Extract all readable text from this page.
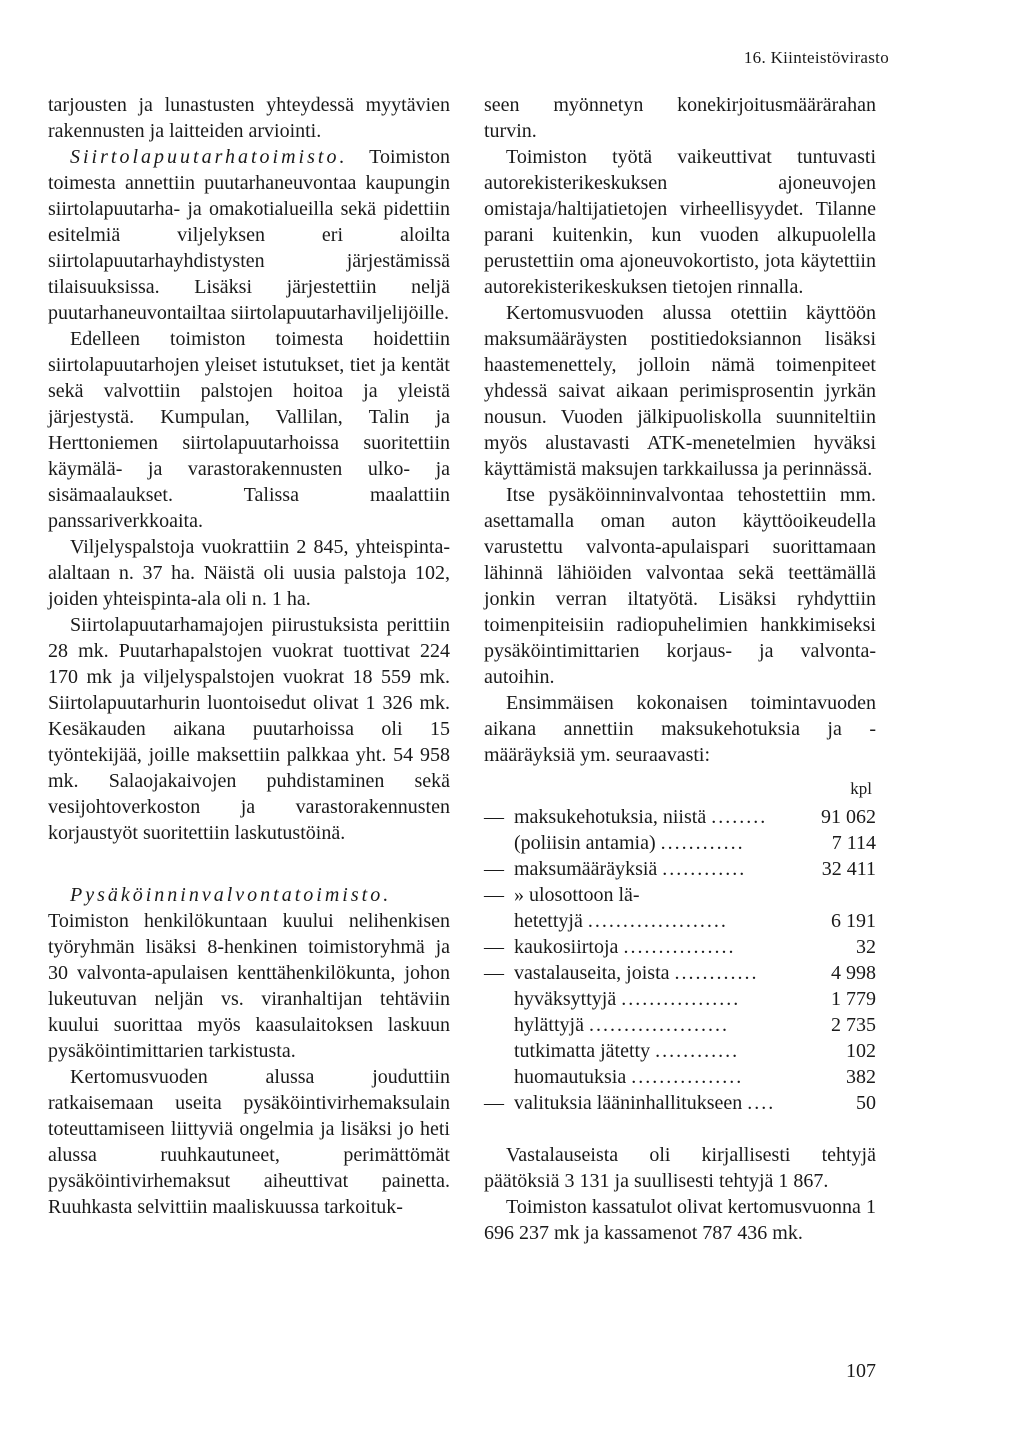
16. Kiinteistövirasto

tarjousten ja lunastusten yhteydessä myytävien rakennusten ja laitteiden arviointi.

Siirtolapuutarhatoimisto. Toimiston toimesta annettiin puutarhaneuvontaa kaupungin siirtolapuutarha- ja omakotialueilla sekä pidettiin esitelmiä viljelyksen eri aloilta siirtolapuutarhayhdistysten järjestämissä tilaisuuksissa. Lisäksi järjestettiin neljä puutarhaneuvontailtaa siirtolapuutarhaviljelijöille.

Edelleen toimiston toimesta hoidettiin siirtolapuutarhojen yleiset istutukset, tiet ja kentät sekä valvottiin palstojen hoitoa ja yleistä järjestystä. Kumpulan, Vallilan, Talin ja Herttoniemen siirtolapuutarhoissa suoritettiin käymälä- ja varastorakennusten ulko- ja sisämaalaukset. Talissa maalattiin panssariverkkoaita.

Viljelyspalstoja vuokrattiin 2 845, yhteispinta-alaltaan n. 37 ha. Näistä oli uusia palstoja 102, joiden yhteispinta-ala oli n. 1 ha.

Siirtolapuutarhamajojen piirustuksista perittiin 28 mk. Puutarhapalstojen vuokrat tuottivat 224 170 mk ja viljelyspalstojen vuokrat 18 559 mk. Siirtolapuutarhurin luontoisedut olivat 1 326 mk. Kesäkauden aikana puutarhoissa oli 15 työntekijää, joille maksettiin palkkaa yht. 54 958 mk. Salaojakaivojen puhdistaminen sekä vesijohtoverkoston ja varastorakennusten korjaustyöt suoritettiin laskutustöinä.

Pysäköinninvalvontatoimisto. Toimiston henkilökuntaan kuului nelihenkisen työryhmän lisäksi 8-henkinen toimistoryhmä ja 30 valvonta-apulaisen kenttähenkilökunta, johon lukeutuvan neljän vs. viranhaltijan tehtäviin kuului suorittaa myös kaasulaitoksen laskuun pysäköintimittarien tarkistusta.

Kertomusvuoden alussa jouduttiin ratkaisemaan useita pysäköintivirhemaksulain toteuttamiseen liittyviä ongelmia ja lisäksi jo heti alussa ruuhkautuneet, perimättömät pysäköintivirhemaksut aiheuttivat painetta. Ruuhkasta selvittiin maaliskuussa tarkoituk-

seen myönnetyn konekirjoitusmäärärahan turvin.

Toimiston työtä vaikeuttivat tuntuvasti autorekisterikeskuksen ajoneuvojen omistaja/haltijatietojen virheellisyydet. Tilanne parani kuitenkin, kun vuoden alkupuolella perustettiin oma ajoneuvokortisto, jota käytettiin autorekisterikeskuksen tietojen rinnalla.

Kertomusvuoden alussa otettiin käyttöön maksumääräysten postitiedoksiannon lisäksi haastemenettely, jolloin nämä toimenpiteet yhdessä saivat aikaan perimisprosentin jyrkän nousun. Vuoden jälkipuoliskolla suunniteltiin myös alustavasti ATK-menetelmien hyväksi käyttämistä maksujen tarkkailussa ja perinnässä.

Itse pysäköinninvalvontaa tehostettiin mm. asettamalla oman auton käyttöoikeudella varustettu valvonta-apulaispari suorittamaan lähinnä lähiöiden valvontaa sekä teettämällä jonkin verran iltatyötä. Lisäksi ryhdyttiin toimenpiteisiin radiopuhelimien hankkimiseksi pysäköintimittarien korjaus- ja valvonta-autoihin.

Ensimmäisen kokonaisen toimintavuoden aikana annettiin maksukehotuksia ja -määräyksiä ym. seuraavasti:

kpl
— maksukehotuksia, niistä ........	91 062
(poliisin antamia) ............	7 114
— maksumääräyksiä ............	32 411
— » ulosottoon lä-
hetettyjä ....................	6 191
— kaukosiirtoja ................	32
— vastalauseita, joista ............	4 998
hyväksyttyjä .................	1 779
hylättyjä ....................	2 735
tutkimatta jätetty ............	102
huomautuksia ................	382
— valituksia lääninhallitukseen ....	50

Vastalauseista oli kirjallisesti tehtyjä päätöksiä 3 131 ja suullisesti tehtyjä 1 867.

Toimiston kassatulot olivat kertomusvuonna 1 696 237 mk ja kassamenot 787 436 mk.

107
